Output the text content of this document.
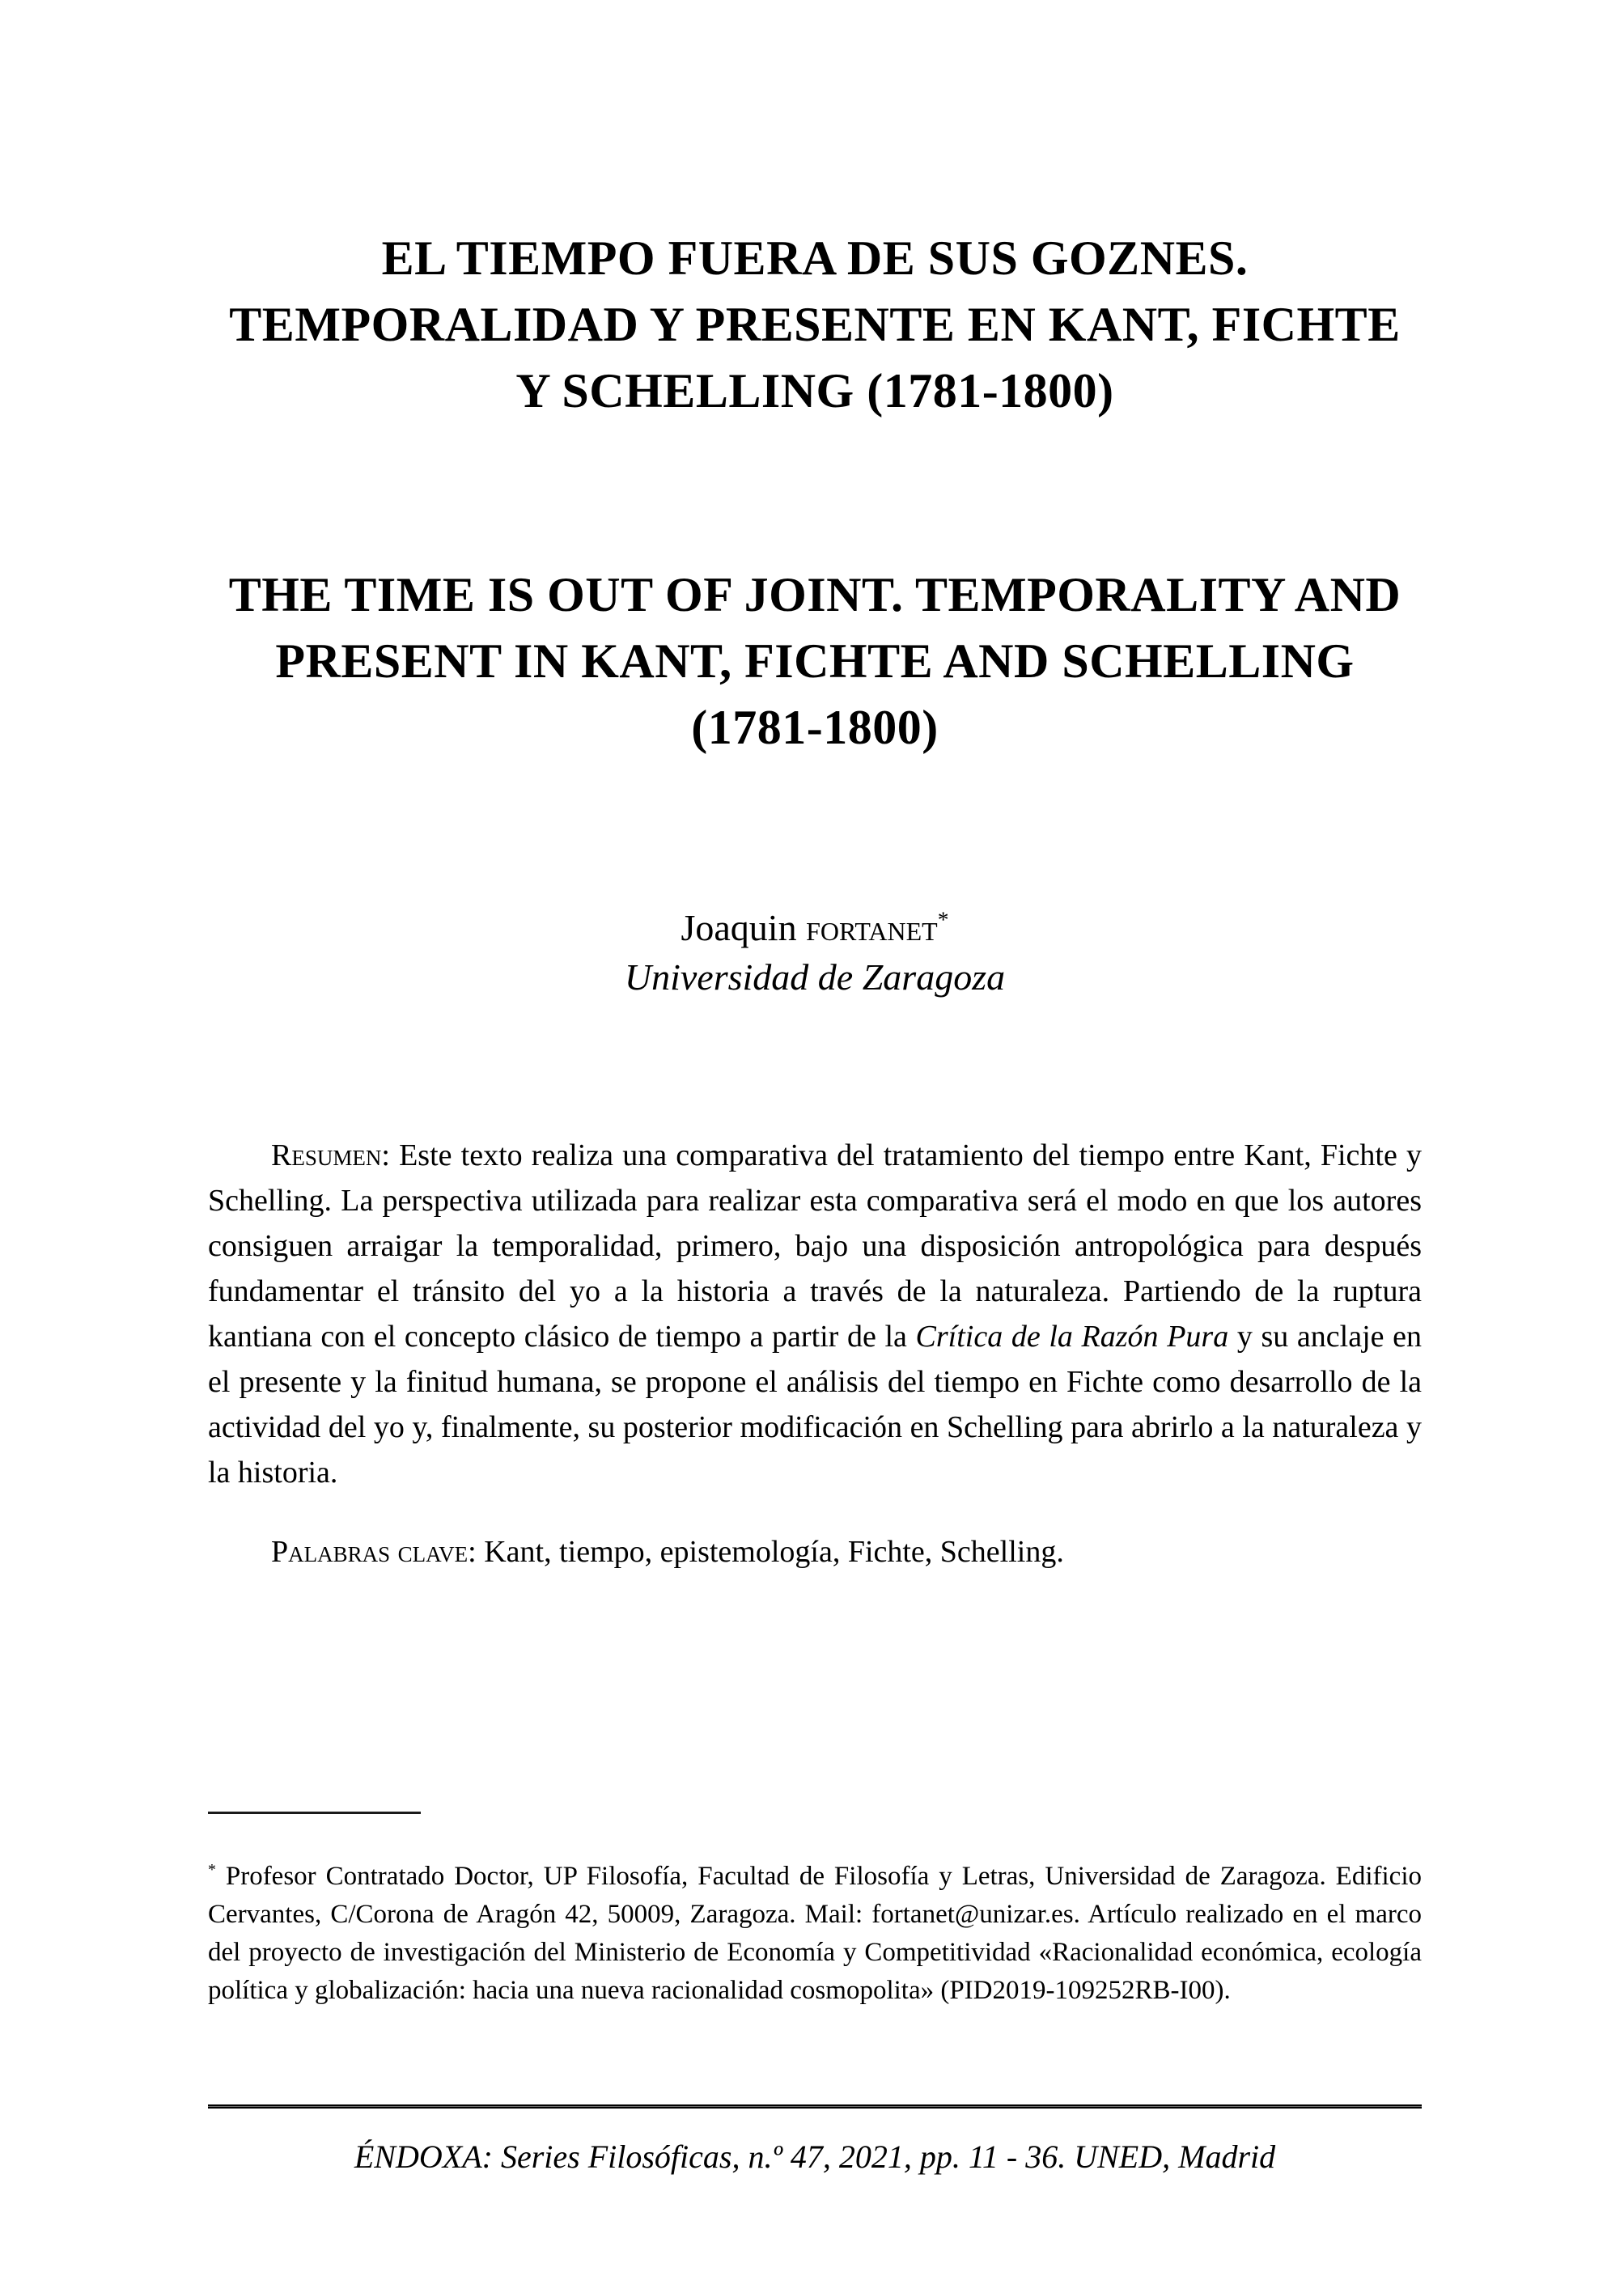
EL TIEMPO FUERA DE SUS GOZNES.
TEMPORALIDAD Y PRESENTE EN KANT, FICHTE
Y SCHELLING (1781-1800)
THE TIME IS OUT OF JOINT. TEMPORALITY AND
PRESENT IN KANT, FICHTE AND SCHELLING
(1781-1800)
Joaquin fortanet*
Universidad de Zaragoza

Resumen: Este texto realiza una comparativa del tratamiento del tiempo entre Kant, Fichte y Schelling. La perspectiva utilizada para realizar esta comparativa será el modo en que los autores consiguen arraigar la temporalidad, primero, bajo una disposición antropológica para después fundamentar el tránsito del yo a la historia a través de la naturaleza. Partiendo de la ruptura kantiana con el concepto clásico de tiempo a partir de la Crítica de la Razón Pura y su anclaje en el presente y la finitud humana, se propone el análisis del tiempo en Fichte como desarrollo de la actividad del yo y, finalmente, su posterior modificación en Schelling para abrirlo a la naturaleza y la historia.

Palabras clave: Kant, tiempo, epistemología, Fichte, Schelling.

* Profesor Contratado Doctor, UP Filosofía, Facultad de Filosofía y Letras, Universidad de Zaragoza. Edificio Cervantes, C/Corona de Aragón 42, 50009, Zaragoza. Mail: fortanet@unizar.es. Artículo realizado en el marco del proyecto de investigación del Ministerio de Economía y Competitividad «Racionalidad económica, ecología política y globalización: hacia una nueva racionalidad cosmopolita» (PID2019-109252RB-I00).

ÉNDOXA: Series Filosóficas, n.º 47, 2021, pp. 11 - 36. UNED, Madrid
